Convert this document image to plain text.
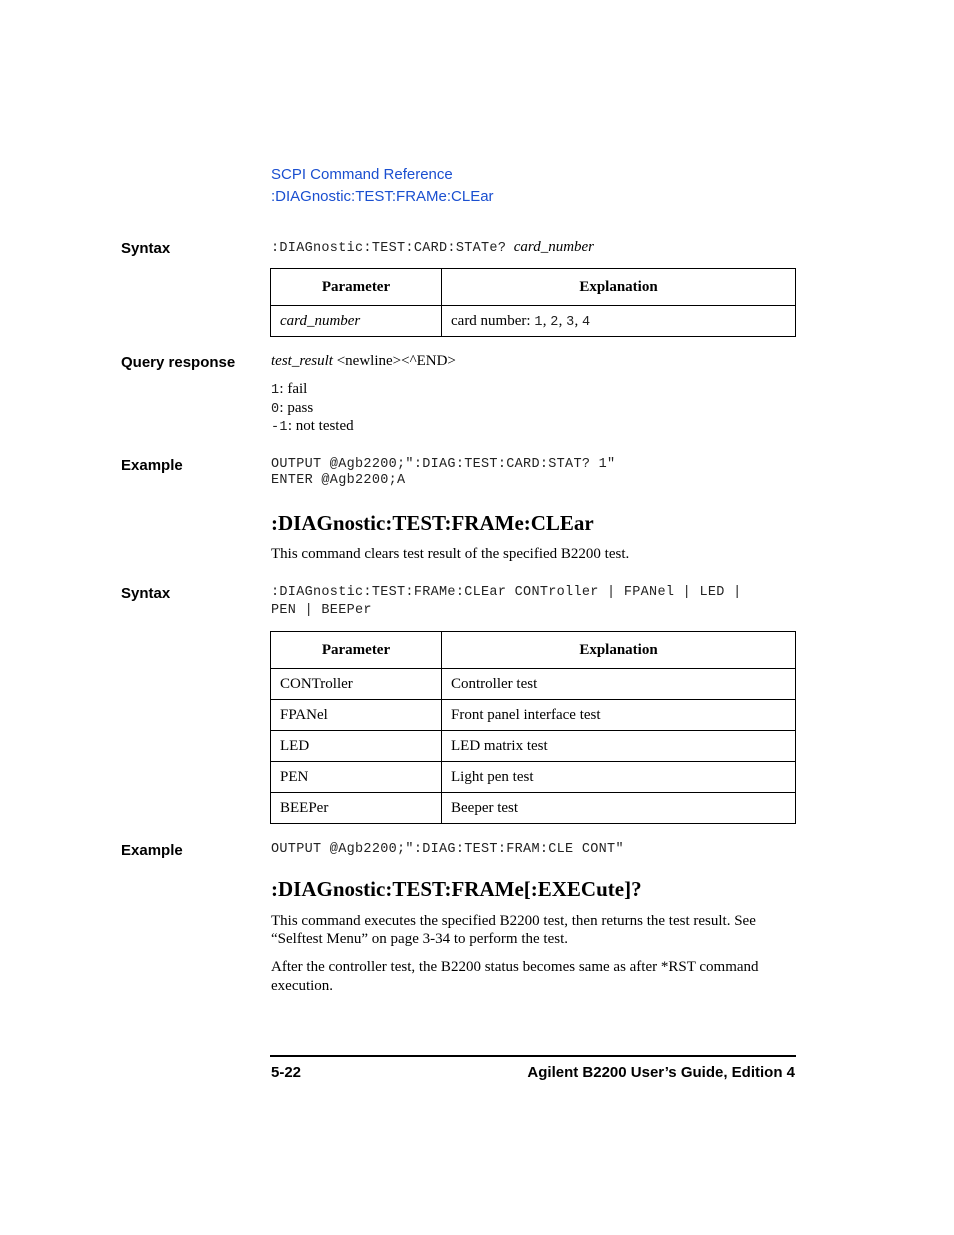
SCPI Command Reference
:DIAGnostic:TEST:FRAMe:CLEar
Syntax	:DIAGnostic:TEST:CARD:STATe? card_number
Parameter	Explanation
card_number	card number: 1, 2, 3, 4
Query response test_result <newline><^END>
1: fail
0: pass
-1: not tested
Example	OUTPUT @Agb2200;":DIAG:TEST:CARD:STAT? 1"
ENTER @Agb2200;A
:DIAGnostic:TEST:FRAMe:CLEar
This command clears test result of the specified B2200 test.
Syntax	:DIAGnostic:TEST:FRAMe:CLEar CONTroller | FPANel | LED |
PEN | BEEPer
Parameter	Explanation
CONTroller	Controller test
FPANel	Front panel interface test
LED	LED matrix test
PEN	Light pen test
BEEPer	Beeper test
Example	OUTPUT @Agb2200;":DIAG:TEST:FRAM:CLE CONT"
:DIAGnostic:TEST:FRAMe[:EXECute]?
This command executes the specified B2200 test, then returns the test result. See
“Selftest Menu” on page 3-34 to perform the test.
After the controller test, the B2200 status becomes same as after *RST command
execution.
5-22	Agilent B2200 User’s Guide, Edition 4
